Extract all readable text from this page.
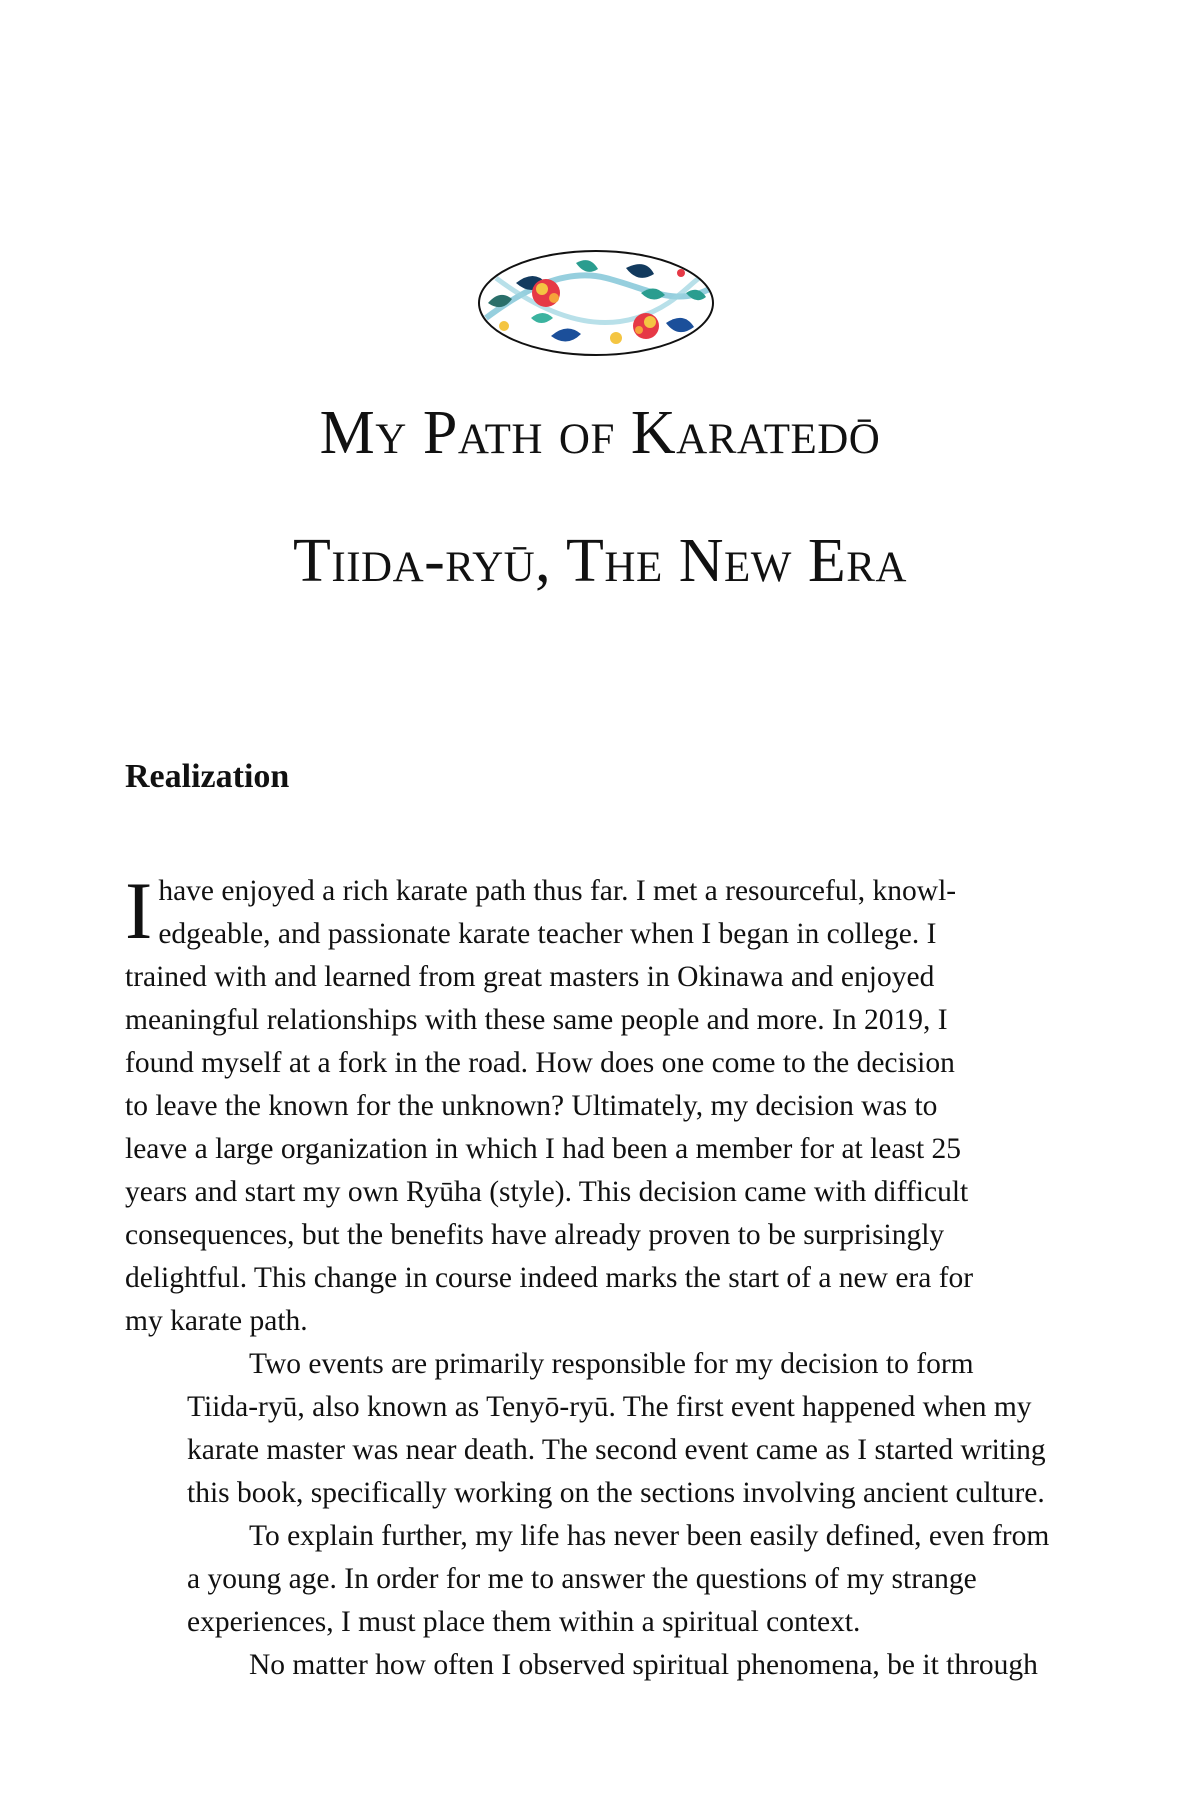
My Path of Karatedō
Tiida-ryū, The New Era
Realization

I have enjoyed a rich karate path thus far. I met a resourceful, knowl-
edgeable, and passionate karate teacher when I began in college. I
trained with and learned from great masters in Okinawa and enjoyed
meaningful relationships with these same people and more. In 2019, I
found myself at a fork in the road. How does one come to the decision
to leave the known for the unknown? Ultimately, my decision was to
leave a large organization in which I had been a member for at least 25
years and start my own Ryūha (style). This decision came with difficult
consequences, but the benefits have already proven to be surprisingly
delightful. This change in course indeed marks the start of a new era for
my karate path.

Two events are primarily responsible for my decision to form
Tiida-ryū, also known as Tenyō-ryū. The first event happened when my
karate master was near death. The second event came as I started writing
this book, specifically working on the sections involving ancient culture.

To explain further, my life has never been easily defined, even from
a young age. In order for me to answer the questions of my strange
experiences, I must place them within a spiritual context.

No matter how often I observed spiritual phenomena, be it through
